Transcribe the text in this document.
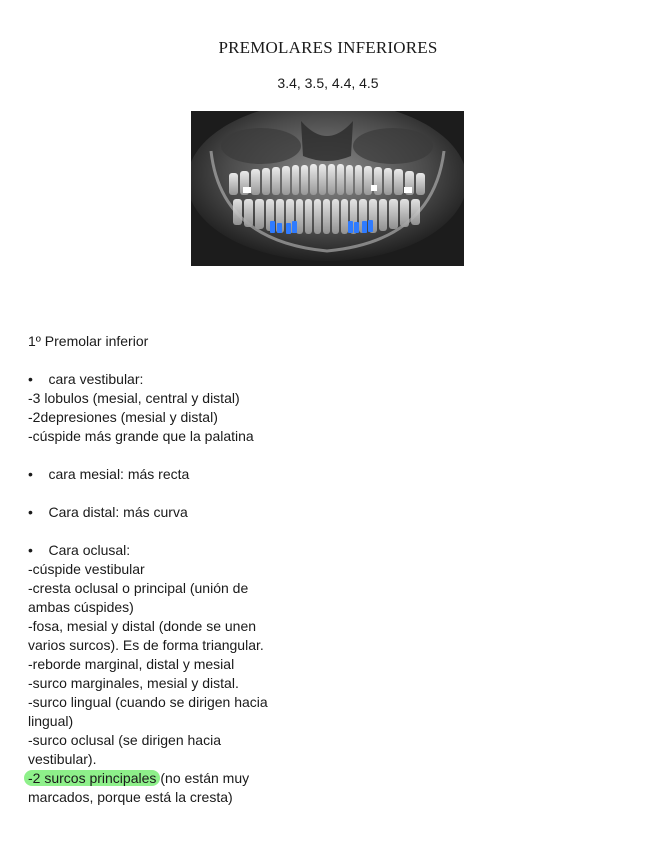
PREMOLARES INFERIORES
3.4, 3.5, 4.4, 4.5
1º Premolar inferior
• cara vestibular:
-3 lobulos (mesial, central y distal)
-2depresiones (mesial y distal)
-cúspide más grande que la palatina
• cara mesial: más recta
• Cara distal: más curva
• Cara oclusal:
-cúspide vestibular
-cresta oclusal o principal (unión de
ambas cúspides)
-fosa, mesial y distal (donde se unen
varios surcos). Es de forma triangular.
-reborde marginal, distal y mesial
-surco marginales, mesial y distal.
-surco lingual (cuando se dirigen hacia
lingual)
-surco oclusal (se dirigen hacia
vestibular).
-2 surcos principales (no están muy
marcados, porque está la cresta)
